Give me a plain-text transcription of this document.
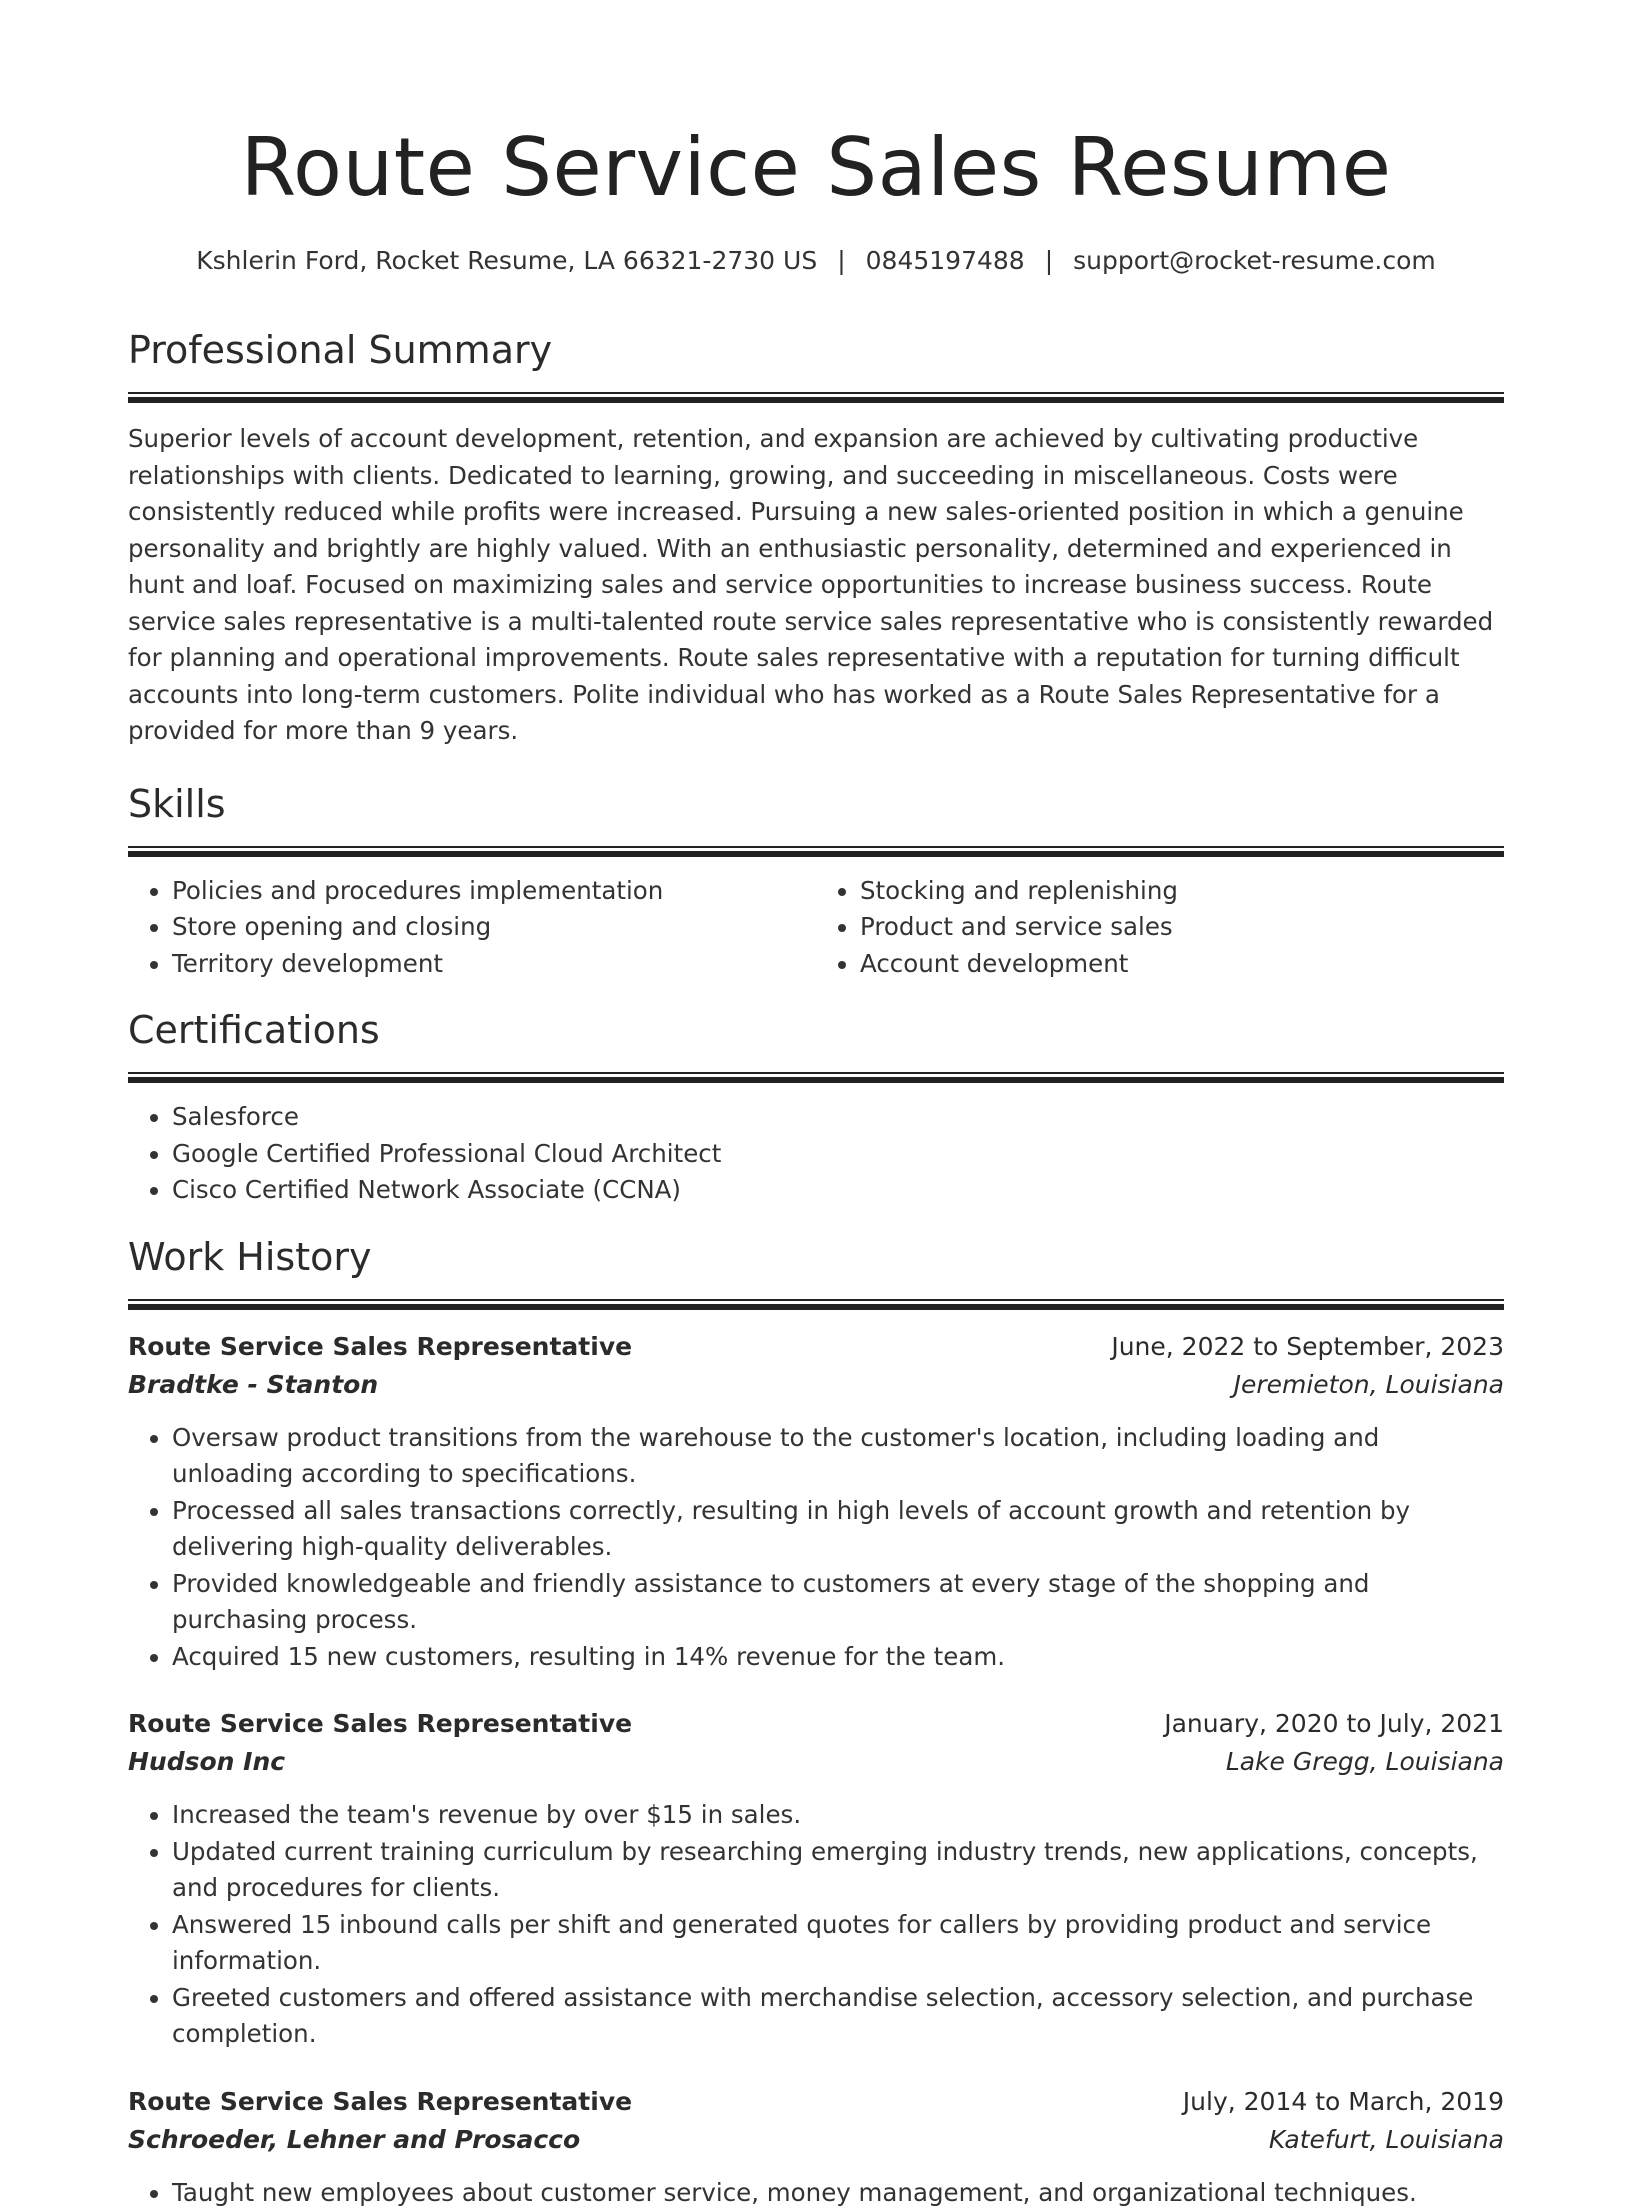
Route Service Sales Resume
Kshlerin Ford, Rocket Resume, LA 66321-2730 US | 0845197488 | support@rocket-resume.com
Professional Summary

Superior levels of account development, retention, and expansion are achieved by cultivating productive relationships with clients. Dedicated to learning, growing, and succeeding in miscellaneous. Costs were consistently reduced while profits were increased. Pursuing a new sales-oriented position in which a genuine personality and brightly are highly valued. With an enthusiastic personality, determined and experienced in hunt and loaf. Focused on maximizing sales and service opportunities to increase business success. Route service sales representative is a multi-talented route service sales representative who is consistently rewarded for planning and operational improvements. Route sales representative with a reputation for turning difficult accounts into long-term customers. Polite individual who has worked as a Route Sales Representative for a provided for more than 9 years.

Skills
• Policies and procedures implementation
• Store opening and closing
• Territory development
• Stocking and replenishing
• Product and service sales
• Account development
Certifications
• Salesforce
• Google Certified Professional Cloud Architect
• Cisco Certified Network Associate (CCNA)
Work History
Route Service Sales Representative	June, 2022 to September, 2023
Bradtke - Stanton	Jeremieton, Louisiana
• Oversaw product transitions from the warehouse to the customer's location, including loading and unloading according to specifications.
• Processed all sales transactions correctly, resulting in high levels of account growth and retention by delivering high-quality deliverables.
• Provided knowledgeable and friendly assistance to customers at every stage of the shopping and purchasing process.
• Acquired 15 new customers, resulting in 14% revenue for the team.
Route Service Sales Representative	January, 2020 to July, 2021
Hudson Inc	Lake Gregg, Louisiana
• Increased the team's revenue by over $15 in sales.
• Updated current training curriculum by researching emerging industry trends, new applications, concepts, and procedures for clients.
• Answered 15 inbound calls per shift and generated quotes for callers by providing product and service information.
• Greeted customers and offered assistance with merchandise selection, accessory selection, and purchase completion.
Route Service Sales Representative	July, 2014 to March, 2019
Schroeder, Lehner and Prosacco	Katefurt, Louisiana
• Taught new employees about customer service, money management, and organizational techniques.
